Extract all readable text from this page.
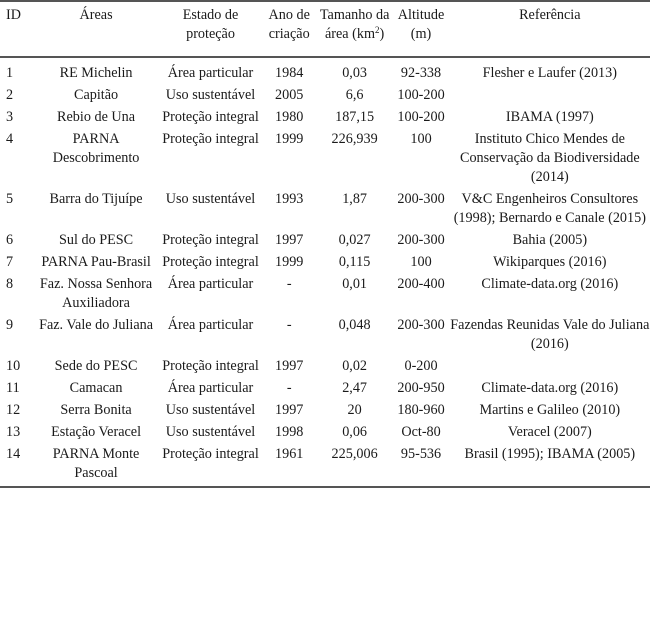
ID	Áreas	Estado de proteção	Ano de criação	Tamanho da área $(km^2)$	Altitude (m)	Referência
1	RE Michelin	Área particular	1984	0,03	92-338	Flesher e Laufer (2013)
2	Capitão	Uso sustentável	2005	6,6	100-200	
3	Rebio de Una	Proteção integral	1980	187,15	100-200	IBAMA (1997)
4	PARNA Descobrimento	Proteção integral	1999	226,939	100	Instituto Chico Mendes de Conservação da Biodiversidade (2014)
5	Barra do Tijuípe	Uso sustentável	1993	1,87	200-300	V&C Engenheiros Consultores (1998); Bernardo e Canale (2015)
6	Sul do PESC	Proteção integral	1997	0,027	200-300	Bahia (2005)
7	PARNA Pau-Brasil	Proteção integral	1999	0,115	100	Wikiparques (2016)
8	Faz. Nossa Senhora Auxiliadora	Área particular	-	0,01	200-400	Climate-data.org (2016)
9	Faz. Vale do Juliana	Área particular	-	0,048	200-300	Fazendas Reunidas Vale do Juliana (2016)
10	Sede do PESC	Proteção integral	1997	0,02	0-200	
11	Camacan	Área particular	-	2,47	200-950	Climate-data.org (2016)
12	Serra Bonita	Uso sustentável	1997	20	180-960	Martins e Galileo (2010)
13	Estação Veracel	Uso sustentável	1998	0,06	Oct-80	Veracel (2007)
14	PARNA Monte Pascoal	Proteção integral	1961	225,006	95-536	Brasil (1995); IBAMA (2005)
